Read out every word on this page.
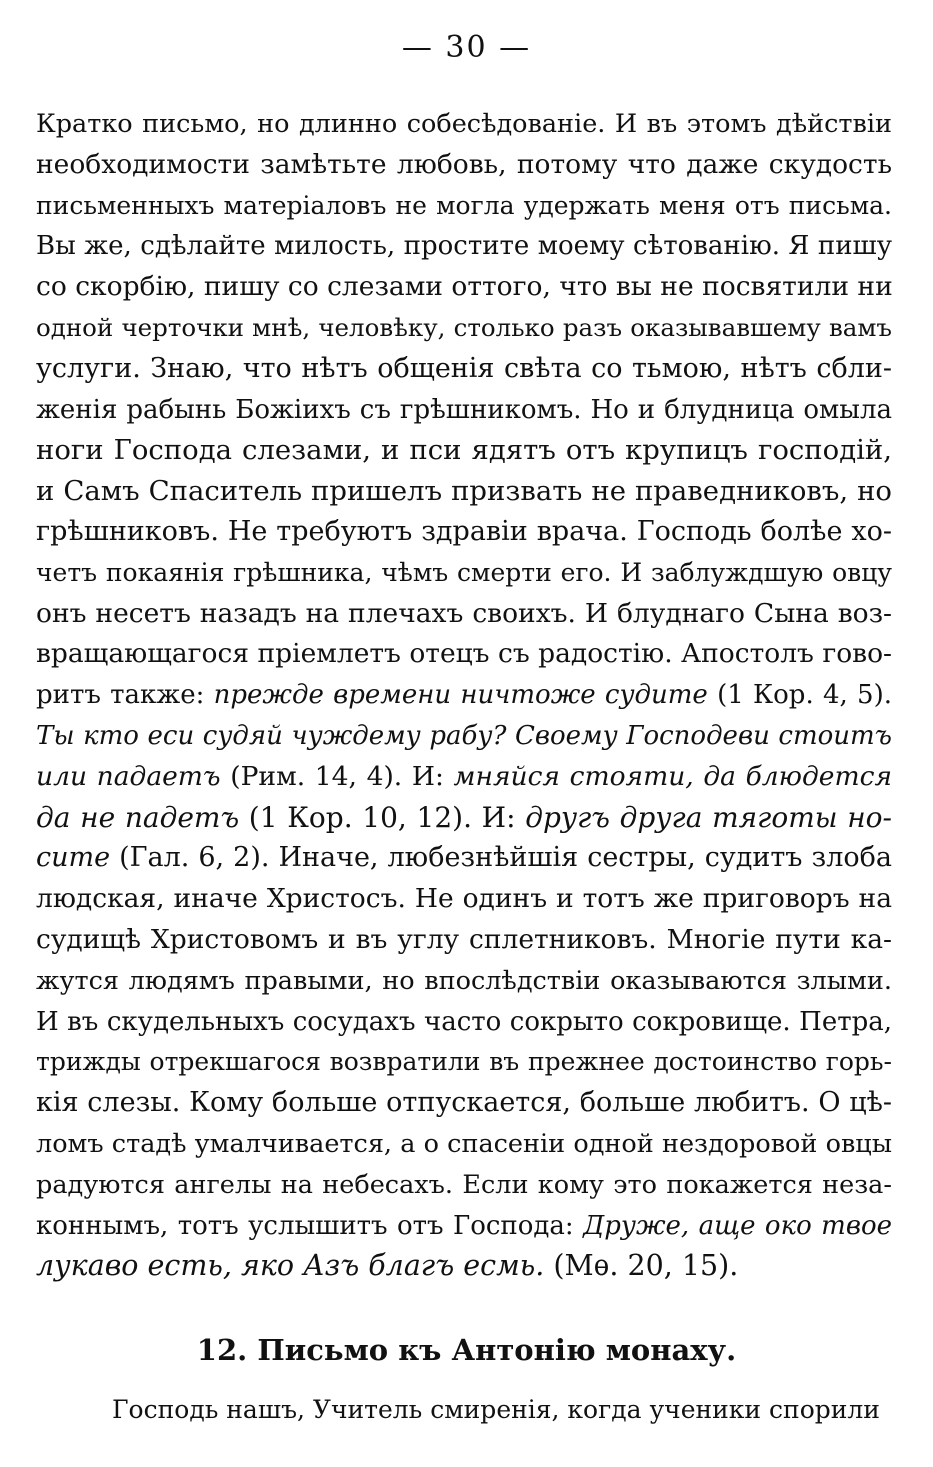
— 30 —
Кратко письмо, но длинно собесѣдованіе. И въ этомъ дѣйствіи
необходимости замѣтьте любовь, потому что даже скудость
письменныхъ матеріаловъ не могла удержать меня отъ письма.
Вы же, сдѣлайте милость, простите моему сѣтованію. Я пишу
со скорбію, пишу со слезами оттого, что вы не посвятили ни
одной черточки мнѣ, человѣку, столько разъ оказывавшему вамъ
услуги. Знаю, что нѣтъ общенія свѣта со тьмою, нѣтъ сбли-
женія рабынь Божіихъ съ грѣшникомъ. Но и блудница омыла
ноги Господа слезами, и пси ядятъ отъ крупицъ господій,
и Самъ Спаситель пришелъ призвать не праведниковъ, но
грѣшниковъ. Не требуютъ здравіи врача. Господь болѣе хо-
четъ покаянія грѣшника, чѣмъ смерти его. И заблуждшую овцу
онъ несетъ назадъ на плечахъ своихъ. И блуднаго Сына воз-
вращающагося пріемлетъ отецъ съ радостію. Апостолъ гово-
ритъ также: прежде времени ничтоже судите (1 Кор. 4, 5).
Ты кто еси судяй чуждему рабу? Своему Господеви стоитъ
или падаетъ (Рим. 14, 4). И: мняйся стояти, да блюдется
да не падетъ (1 Кор. 10, 12). И: другъ друга тяготы но-
сите (Гал. 6, 2). Иначе, любезнѣйшія сестры, судитъ злоба
людская, иначе Христосъ. Не одинъ и тотъ же приговоръ на
судищѣ Христовомъ и въ углу сплетниковъ. Многіе пути ка-
жутся людямъ правыми, но впослѣдствіи оказываются злыми.
И въ скудельныхъ сосудахъ часто сокрыто сокровище. Петра,
трижды отрекшагося возвратили въ прежнее достоинство горь-
кія слезы. Кому больше отпускается, больше любитъ. О цѣ-
ломъ стадѣ умалчивается, а о спасеніи одной нездоровой овцы
радуются ангелы на небесахъ. Если кому это покажется неза-
коннымъ, тотъ услышитъ отъ Господа: Друже, аще око твое
лукаво есть, яко Азъ благъ есмь. (Мѳ. 20, 15).
12. Письмо къ Антонію монаху.
Господь нашъ, Учитель смиренія, когда ученики спорили
